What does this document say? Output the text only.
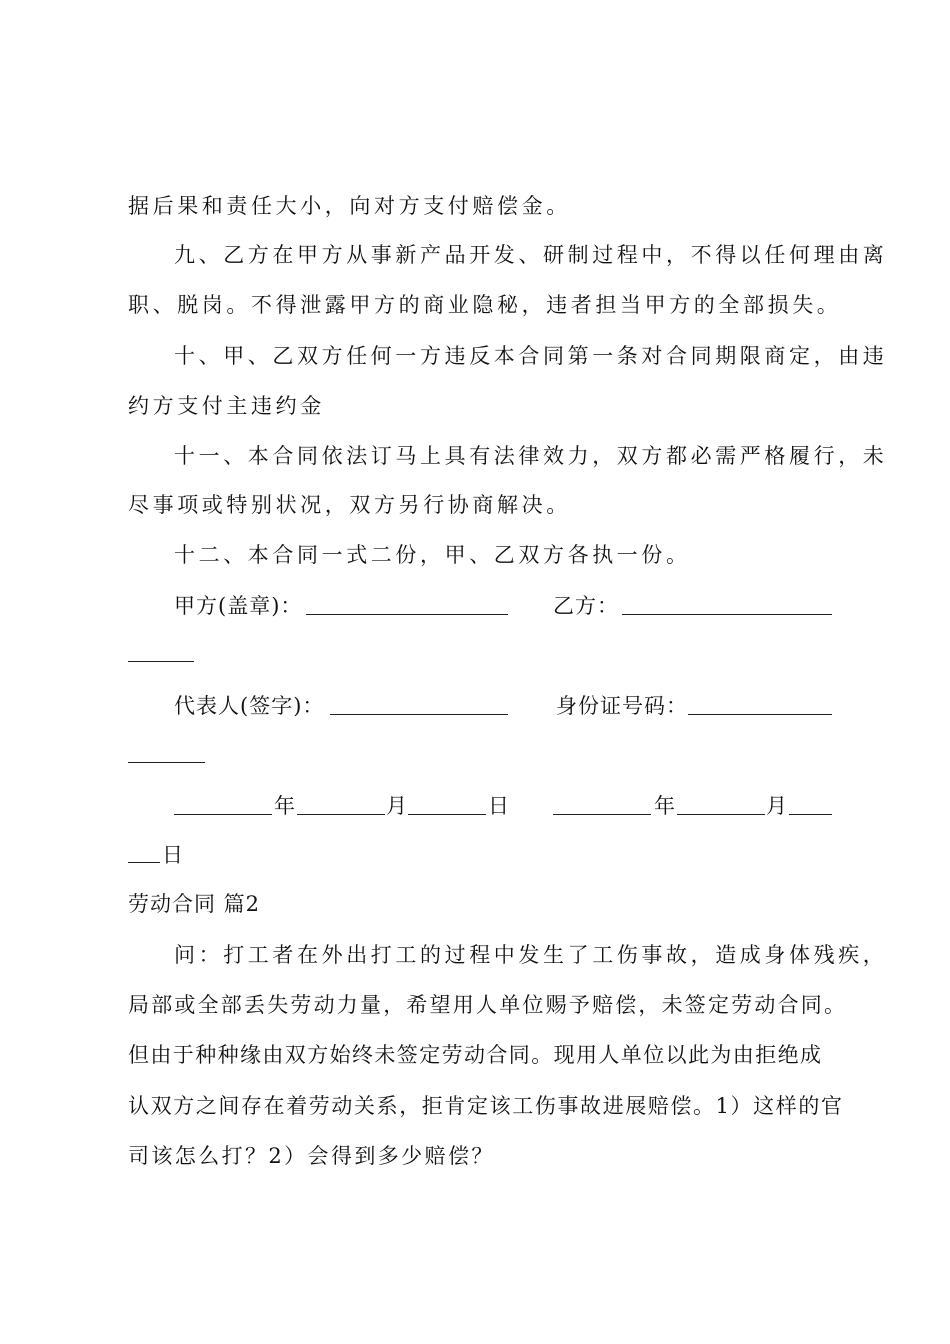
据后果和责任大小，向对方支付赔偿金。
九、乙方在甲方从事新产品开发、研制过程中，不得以任何理由离
职、脱岗。不得泄露甲方的商业隐秘，违者担当甲方的全部损失。
十、甲、乙双方任何一方违反本合同第一条对合同期限商定，由违
约方支付主违约金
十一、本合同依法订马上具有法律效力，双方都必需严格履行，未
尽事项或特别状况，双方另行协商解决。
十二、本合同一式二份，甲、乙双方各执一份。
甲方(盖章)：	乙方：
代表人(签字)：	身份证号码：
年	月	日	年	月
日
劳动合同 篇2
问：打工者在外出打工的过程中发生了工伤事故，造成身体残疾，
局部或全部丢失劳动力量，希望用人单位赐予赔偿，未签定劳动合同。
但由于种种缘由双方始终未签定劳动合同。现用人单位以此为由拒绝成
认双方之间存在着劳动关系，拒肯定该工伤事故进展赔偿。1）这样的官
司该怎么打？2）会得到多少赔偿？
